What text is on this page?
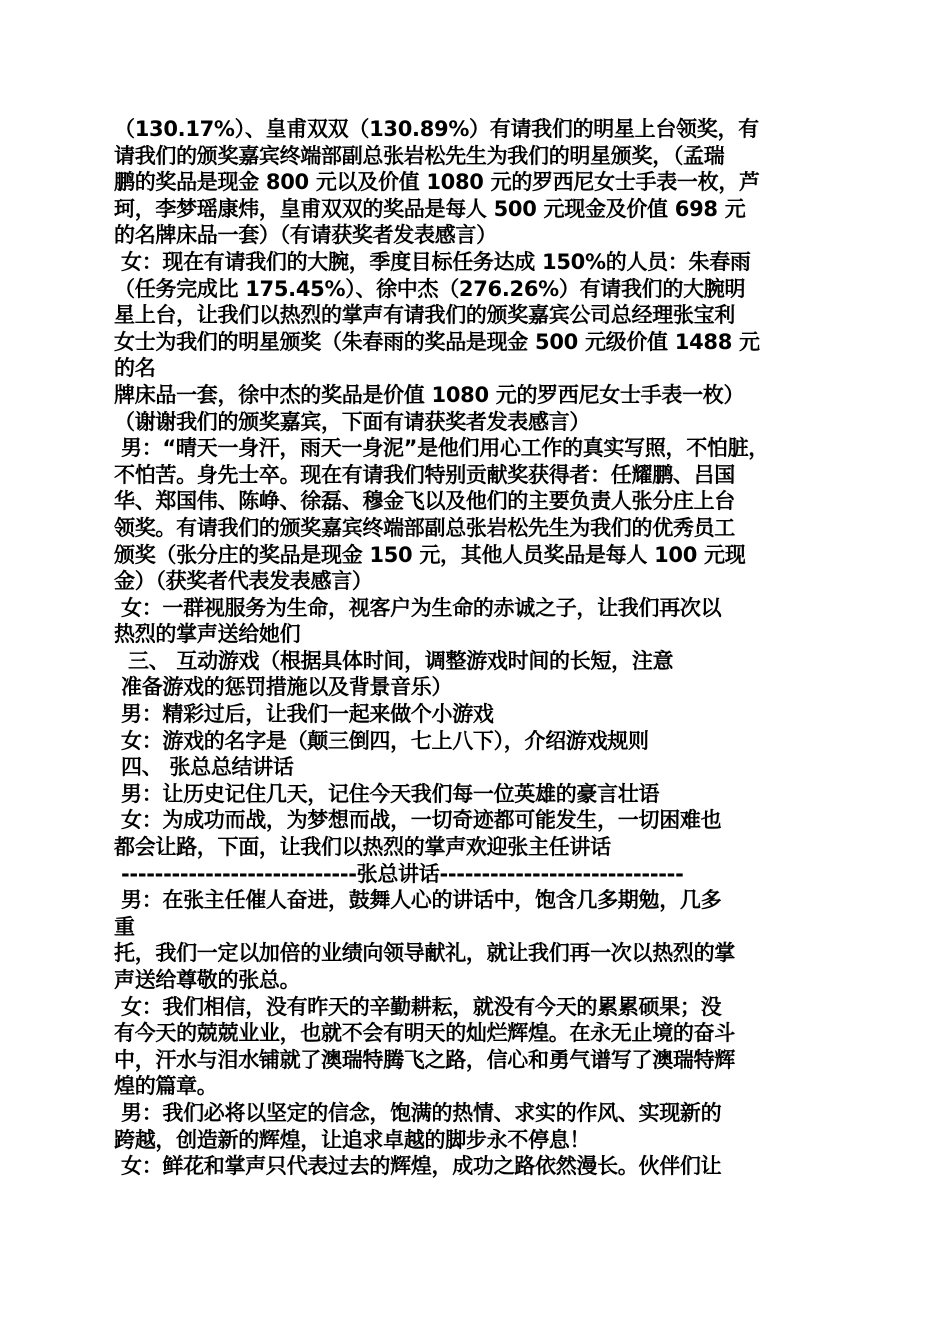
（130.17%）、皇甫双双（130.89%）有请我们的明星上台领奖，有
请我们的颁奖嘉宾终端部副总张岩松先生为我们的明星颁奖，（孟瑞
鹏的奖品是现金 800 元以及价值 1080 元的罗西尼女士手表一枚，芦
珂，李梦瑶康炜，皇甫双双的奖品是每人 500 元现金及价值 698 元
的名牌床品一套）（有请获奖者发表感言）
女：现在有请我们的大腕，季度目标任务达成 150%的人员：朱春雨
（任务完成比 175.45%）、徐中杰（276.26%）有请我们的大腕明
星上台，让我们以热烈的掌声有请我们的颁奖嘉宾公司总经理张宝利
女士为我们的明星颁奖（朱春雨的奖品是现金 500 元级价值 1488 元
的名
牌床品一套，徐中杰的奖品是价值 1080 元的罗西尼女士手表一枚）
（谢谢我们的颁奖嘉宾，下面有请获奖者发表感言）
男：“晴天一身汗，雨天一身泥”是他们用心工作的真实写照，不怕脏，
不怕苦。身先士卒。现在有请我们特别贡献奖获得者：任耀鹏、吕国
华、郑国伟、陈峥、徐磊、穆金飞以及他们的主要负责人张分庄上台
领奖。有请我们的颁奖嘉宾终端部副总张岩松先生为我们的优秀员工
颁奖（张分庄的奖品是现金 150 元，其他人员奖品是每人 100 元现
金）（获奖者代表发表感言）
女：一群视服务为生命，视客户为生命的赤诚之子，让我们再次以
热烈的掌声送给她们
三、 互动游戏（根据具体时间，调整游戏时间的长短，注意
准备游戏的惩罚措施以及背景音乐）
男：精彩过后，让我们一起来做个小游戏
女：游戏的名字是（颠三倒四，七上八下），介绍游戏规则
四、 张总总结讲话
男：让历史记住几天，记住今天我们每一位英雄的豪言壮语
女：为成功而战，为梦想而战，一切奇迹都可能发生，一切困难也
都会让路，下面，让我们以热烈的掌声欢迎张主任讲话
----------------------------张总讲话-----------------------------
男：在张主任催人奋进，鼓舞人心的讲话中，饱含几多期勉，几多
重
托，我们一定以加倍的业绩向领导献礼，就让我们再一次以热烈的掌
声送给尊敬的张总。
女：我们相信，没有昨天的辛勤耕耘，就没有今天的累累硕果；没
有今天的兢兢业业，也就不会有明天的灿烂辉煌。在永无止境的奋斗
中，汗水与泪水铺就了澳瑞特腾飞之路，信心和勇气谱写了澳瑞特辉
煌的篇章。
男：我们必将以坚定的信念，饱满的热情、求实的作风、实现新的
跨越，创造新的辉煌，让追求卓越的脚步永不停息！
女：鲜花和掌声只代表过去的辉煌，成功之路依然漫长。伙伴们让
